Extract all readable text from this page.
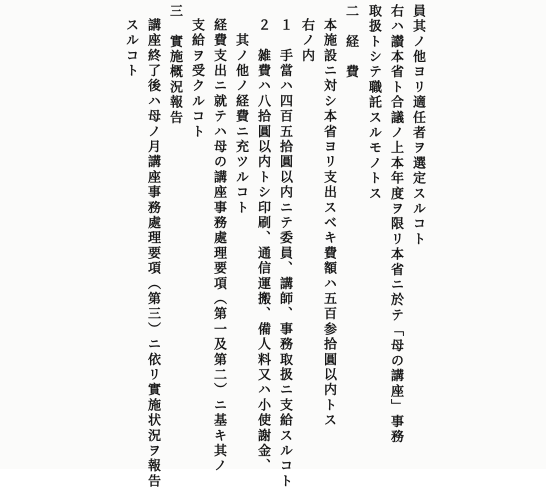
員其ノ他ヨリ適任者ヲ選定スルコト
右ハ讃本省ト合議ノ上本年度ヲ限リ本省ニ於テ「母の講座」事務
取扱トシテ職託スルモノトス
二　経　費
本施設ニ対シ本省ヨリ支出スベキ費額ハ五百参拾圓以内トス
右ノ内
１　手當ハ四百五拾圓以内ニテ委員、講師、事務取扱ニ支給スルコト
２　雑費ハ八拾圓以内トシ印刷、通信運搬、備人料又ハ小使謝金、
　其ノ他ノ経費ニ充ツルコト
経費支出ニ就テハ母の講座事務處理要項（第一及第二）ニ基キ其ノ
支給ヲ受クルコト
三　實施概況報告
講座終了後ハ母ノ月講座事務處理要項（第三）ニ依リ實施状況ヲ報告
スルコト
